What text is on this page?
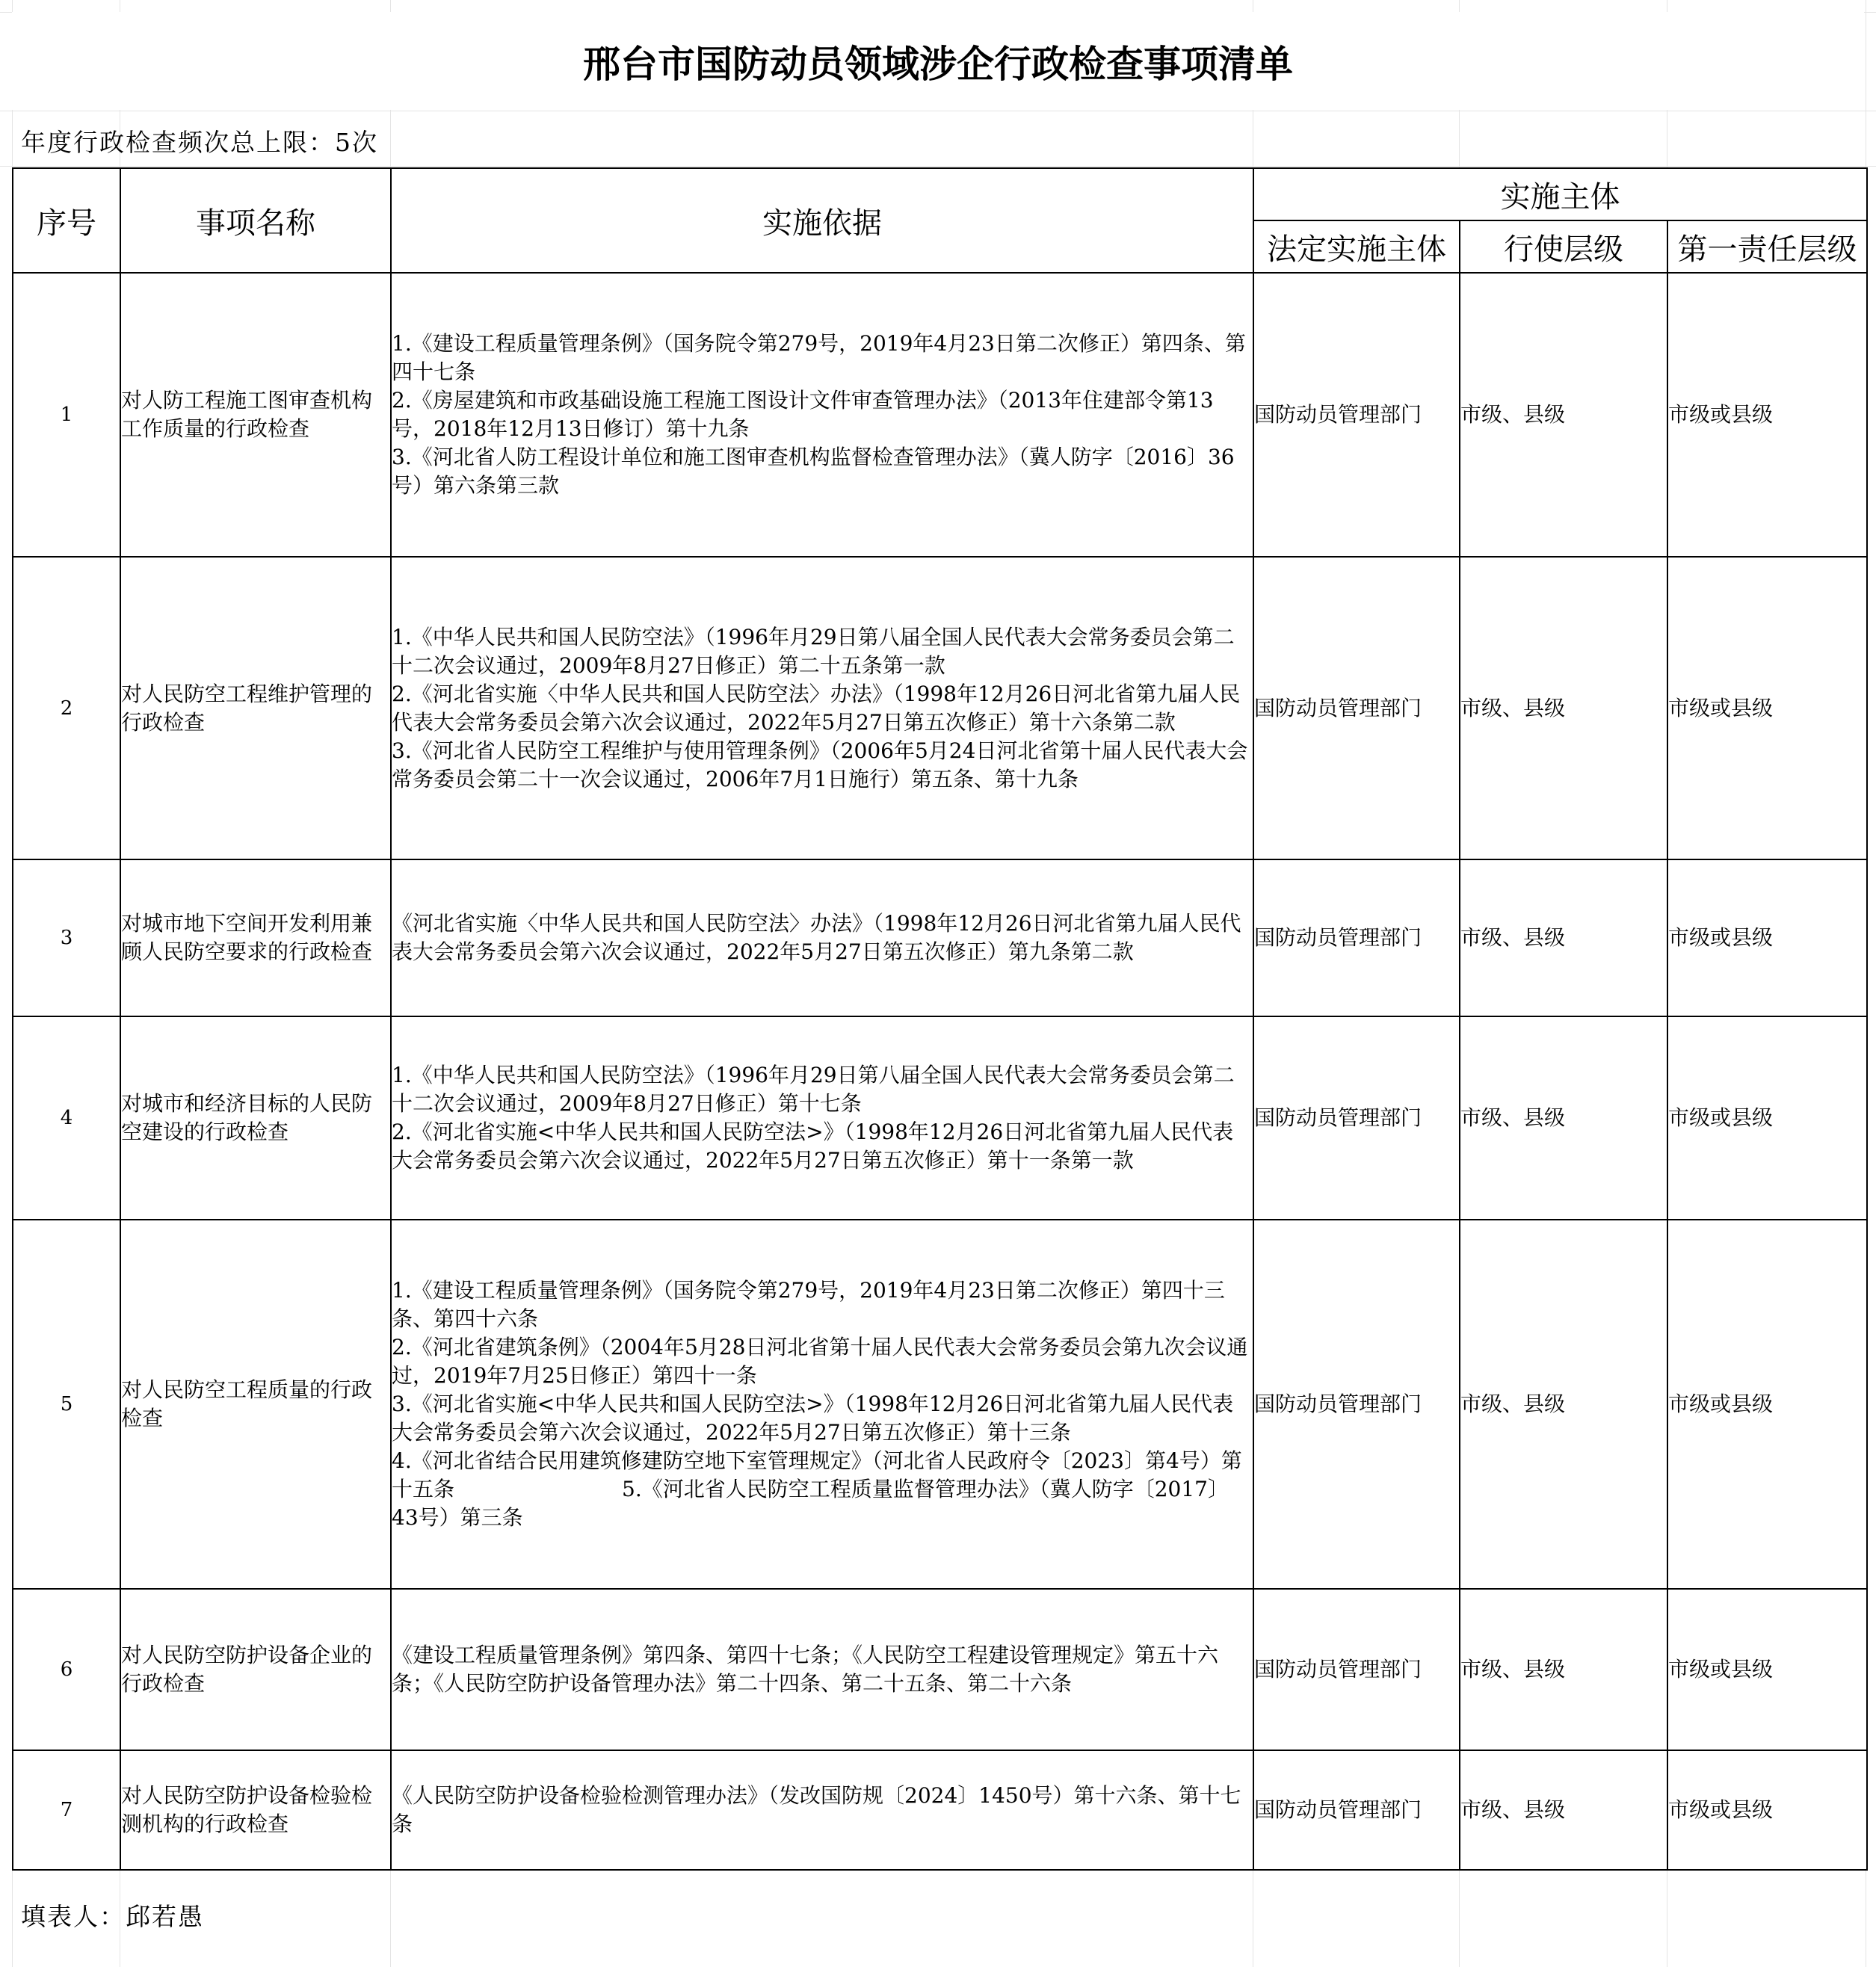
邢台市国防动员领域涉企行政检查事项清单
年度行政检查频次总上限：5次
序号	事项名称	实施依据	实施主体		
			法定实施主体	行使层级	第一责任层级
1	对人防工程施工图审查机构工作质量的行政检查	1.《建设工程质量管理条例》（国务院令第279号，2019年4月23日第二次修正）第四条、第四十七条
2.《房屋建筑和市政基础设施工程施工图设计文件审查管理办法》（2013年住建部令第13号，2018年12月13日修订）第十九条
3.《河北省人防工程设计单位和施工图审查机构监督检查管理办法》（冀人防字〔2016〕36号）第六条第三款	国防动员管理部门	市级、县级	市级或县级
2	对人民防空工程维护管理的行政检查	1.《中华人民共和国人民防空法》（1996年月29日第八届全国人民代表大会常务委员会第二十二次会议通过，2009年8月27日修正）第二十五条第一款
2.《河北省实施〈中华人民共和国人民防空法〉办法》（1998年12月26日河北省第九届人民代表大会常务委员会第六次会议通过，2022年5月27日第五次修正）第十六条第二款
3.《河北省人民防空工程维护与使用管理条例》（2006年5月24日河北省第十届人民代表大会常务委员会第二十一次会议通过，2006年7月1日施行）第五条、第十九条	国防动员管理部门	市级、县级	市级或县级
3	对城市地下空间开发利用兼顾人民防空要求的行政检查	《河北省实施〈中华人民共和国人民防空法〉办法》（1998年12月26日河北省第九届人民代表大会常务委员会第六次会议通过，2022年5月27日第五次修正）第九条第二款	国防动员管理部门	市级、县级	市级或县级
4	对城市和经济目标的人民防空建设的行政检查	1.《中华人民共和国人民防空法》（1996年月29日第八届全国人民代表大会常务委员会第二十二次会议通过，2009年8月27日修正）第十七条
2.《河北省实施<中华人民共和国人民防空法>》（1998年12月26日河北省第九届人民代表大会常务委员会第六次会议通过，2022年5月27日第五次修正）第十一条第一款	国防动员管理部门	市级、县级	市级或县级
5	对人民防空工程质量的行政检查	1.《建设工程质量管理条例》（国务院令第279号，2019年4月23日第二次修正）第四十三条、第四十六条
2.《河北省建筑条例》（2004年5月28日河北省第十届人民代表大会常务委员会第九次会议通过，2019年7月25日修正）第四十一条
3.《河北省实施<中华人民共和国人民防空法>》（1998年12月26日河北省第九届人民代表大会常务委员会第六次会议通过，2022年5月27日第五次修正）第十三条
4.《河北省结合民用建筑修建防空地下室管理规定》（河北省人民政府令〔2023〕第4号）第十五条　　　　　　　　5.《河北省人民防空工程质量监督管理办法》（冀人防字〔2017〕43号）第三条	国防动员管理部门	市级、县级	市级或县级
6	对人民防空防护设备企业的行政检查	《建设工程质量管理条例》第四条、第四十七条；《人民防空工程建设管理规定》第五十六条；《人民防空防护设备管理办法》第二十四条、第二十五条、第二十六条	国防动员管理部门	市级、县级	市级或县级
7	对人民防空防护设备检验检测机构的行政检查	《人民防空防护设备检验检测管理办法》（发改国防规〔2024〕1450号）第十六条、第十七条	国防动员管理部门	市级、县级	市级或县级
填表人：邱若愚
